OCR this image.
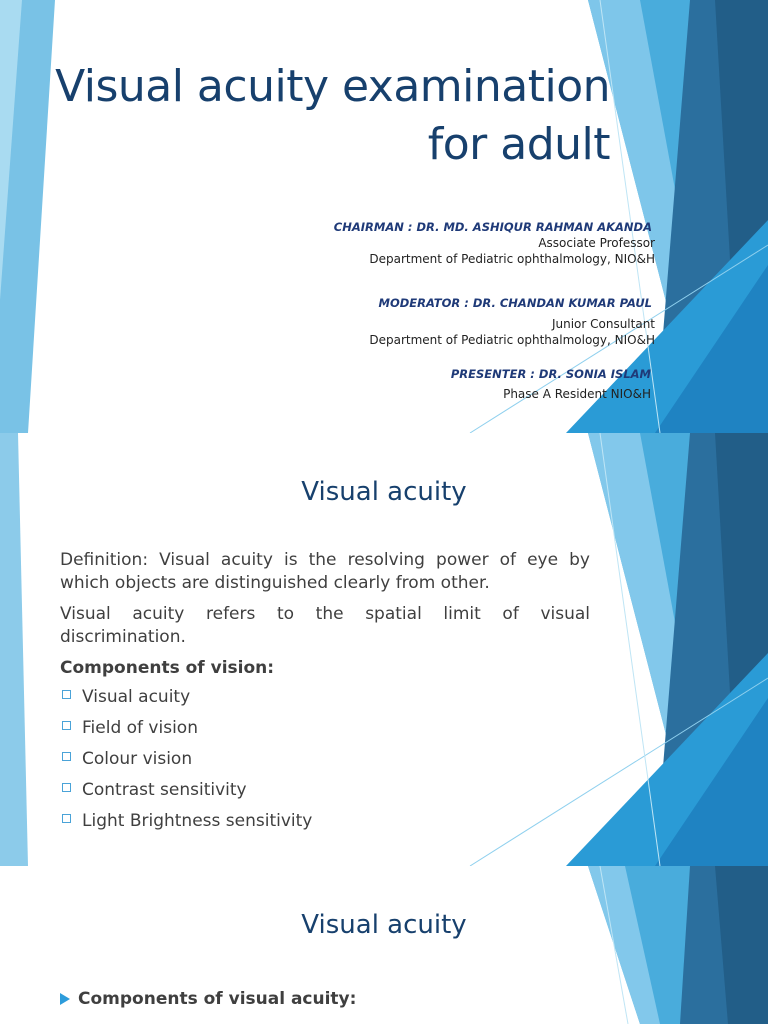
Visual acuity examination
for adult
CHAIRMAN : DR. MD. ASHIQUR RAHMAN AKANDA
Associate Professor
Department of Pediatric ophthalmology, NIO&H
MODERATOR : DR. CHANDAN KUMAR PAUL
Junior Consultant
Department of Pediatric ophthalmology, NIO&H
PRESENTER : DR. SONIA ISLAM
Phase A Resident NIO&H
Visual acuity

Definition: Visual acuity is the resolving power of eye by which objects are distinguished clearly from other.

Visual acuity refers to the spatial limit of visual discrimination.

Components of vision:
Visual acuity
Field of vision
Colour vision
Contrast sensitivity
Light Brightness sensitivity
Visual acuity
Components of visual acuity:
